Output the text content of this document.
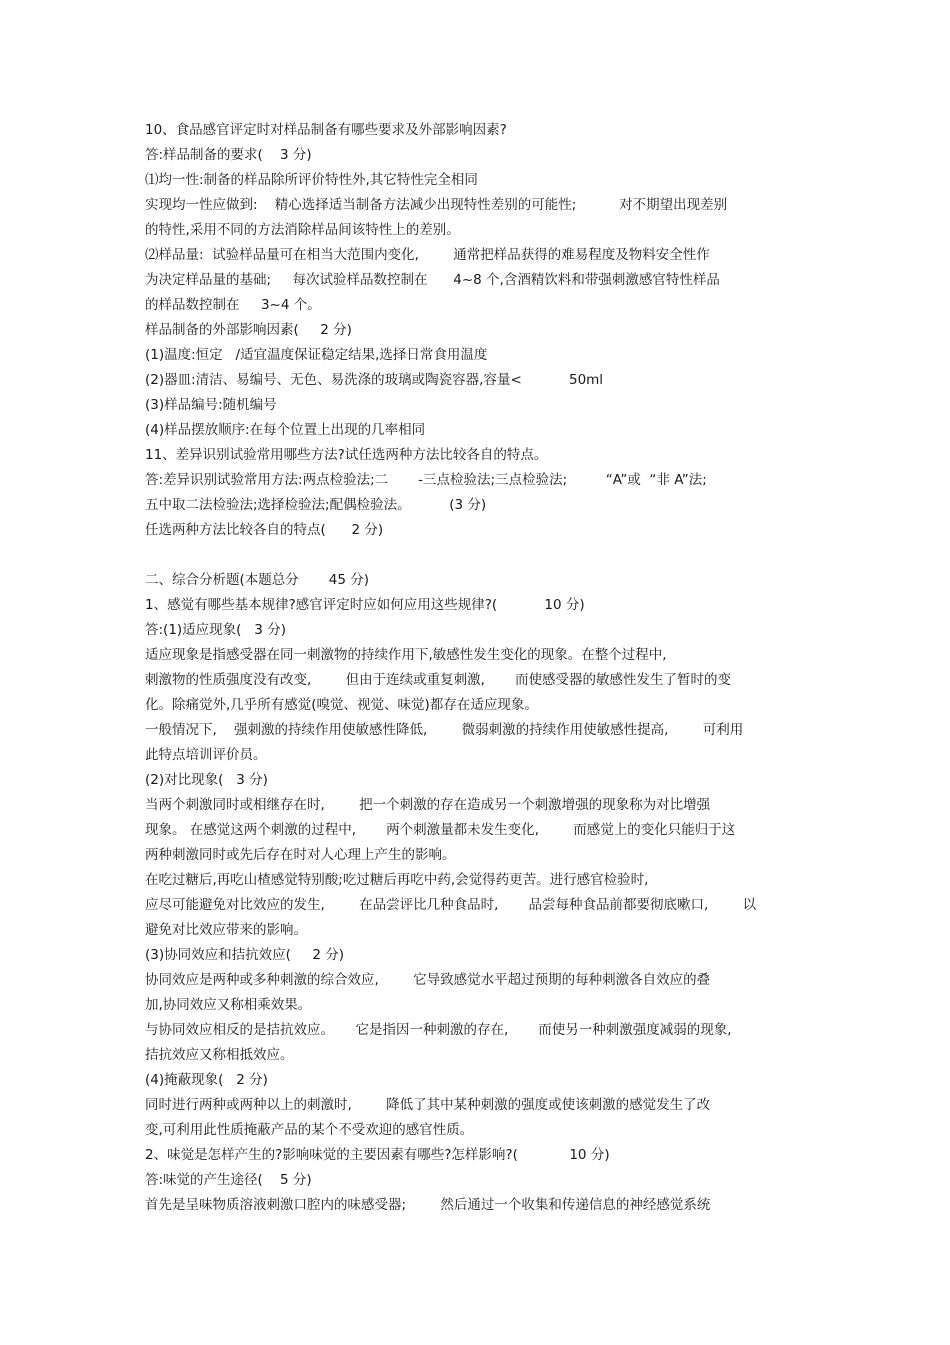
10、食品感官评定时对样品制备有哪些要求及外部影响因素?
答:样品制备的要求(    3 分)
⑴均一性:制备的样品除所评价特性外,其它特性完全相同
实现均一性应做到:    精心选择适当制备方法减少出现特性差别的可能性;          对不期望出现差别
的特性,采用不同的方法消除样品间该特性上的差别。
⑵样品量:  试验样品量可在相当大范围内变化,        通常把样品获得的难易程度及物料安全性作
为决定样品量的基础;     每次试验样品数控制在      4~8 个,含酒精饮料和带强刺激感官特性样品
的样品数控制在     3~4 个。
样品制备的外部影响因素(     2 分)
(1)温度:恒定   /适宜温度保证稳定结果,选择日常食用温度
(2)器皿:清洁、易编号、无色、易洗涤的玻璃或陶瓷容器,容量<           50ml
(3)样品编号:随机编号
(4)样品摆放顺序:在每个位置上出现的几率相同
11、差异识别试验常用哪些方法?试任选两种方法比较各自的特点。
答:差异识别试验常用方法:两点检验法;二       -三点检验法;三点检验法;         “A”或  “非 A”法;
五中取二法检验法;选择检验法;配偶检验法。         (3 分)
任选两种方法比较各自的特点(      2 分)
二、综合分析题(本题总分       45 分)
1、感觉有哪些基本规律?感官评定时应如何应用这些规律?(           10 分)
答:(1)适应现象(   3 分)
适应现象是指感受器在同一刺激物的持续作用下,敏感性发生变化的现象。在整个过程中,
刺激物的性质强度没有改变,        但由于连续或重复刺激,       而使感受器的敏感性发生了暂时的变
化。除痛觉外,几乎所有感觉(嗅觉、视觉、味觉)都存在适应现象。
一般情况下,    强刺激的持续作用使敏感性降低,        微弱刺激的持续作用使敏感性提高,        可利用
此特点培训评价员。
(2)对比现象(   3 分)
当两个刺激同时或相继存在时,        把一个刺激的存在造成另一个刺激增强的现象称为对比增强
现象。 在感觉这两个刺激的过程中,       两个刺激量都未发生变化,        而感觉上的变化只能归于这
两种刺激同时或先后存在时对人心理上产生的影响。
在吃过糖后,再吃山楂感觉特别酸;吃过糖后再吃中药,会觉得药更苦。进行感官检验时,
应尽可能避免对比效应的发生,        在品尝评比几种食品时,       品尝每种食品前都要彻底嗽口,        以
避免对比效应带来的影响。
(3)协同效应和拮抗效应(     2 分)
协同效应是两种或多种刺激的综合效应,        它导致感觉水平超过预期的每种刺激各自效应的叠
加,协同效应又称相乘效果。
与协同效应相反的是拮抗效应。     它是指因一种刺激的存在,       而使另一种刺激强度减弱的现象,
拮抗效应又称相抵效应。
(4)掩蔽现象(   2 分)
同时进行两种或两种以上的刺激时,        降低了其中某种刺激的强度或使该刺激的感觉发生了改
变,可利用此性质掩蔽产品的某个不受欢迎的感官性质。
2、味觉是怎样产生的?影响味觉的主要因素有哪些?怎样影响?(            10 分)
答:味觉的产生途径(    5 分)
首先是呈味物质溶液刺激口腔内的味感受器;        然后通过一个收集和传递信息的神经感觉系统
